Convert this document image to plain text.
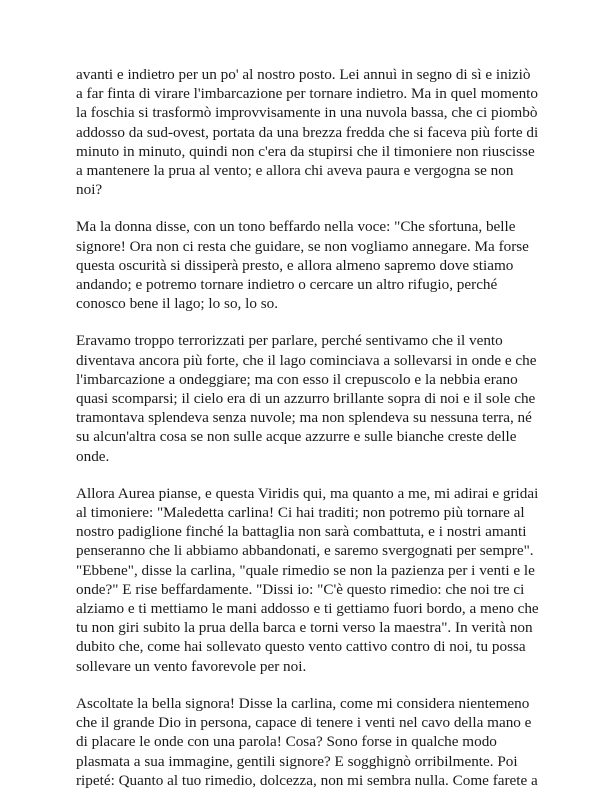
avanti e indietro per un po' al nostro posto. Lei annuì in segno di sì e iniziò
a far finta di virare l'imbarcazione per tornare indietro. Ma in quel momento
la foschia si trasformò improvvisamente in una nuvola bassa, che ci piombò
addosso da sud-ovest, portata da una brezza fredda che si faceva più forte di
minuto in minuto, quindi non c'era da stupirsi che il timoniere non riuscisse
a mantenere la prua al vento; e allora chi aveva paura e vergogna se non
noi?

Ma la donna disse, con un tono beffardo nella voce: "Che sfortuna, belle
signore! Ora non ci resta che guidare, se non vogliamo annegare. Ma forse
questa oscurità si dissiperà presto, e allora almeno sapremo dove stiamo
andando; e potremo tornare indietro o cercare un altro rifugio, perché
conosco bene il lago; lo so, lo so.

Eravamo troppo terrorizzati per parlare, perché sentivamo che il vento
diventava ancora più forte, che il lago cominciava a sollevarsi in onde e che
l'imbarcazione a ondeggiare; ma con esso il crepuscolo e la nebbia erano
quasi scomparsi; il cielo era di un azzurro brillante sopra di noi e il sole che
tramontava splendeva senza nuvole; ma non splendeva su nessuna terra, né
su alcun'altra cosa se non sulle acque azzurre e sulle bianche creste delle
onde.

Allora Aurea pianse, e questa Viridis qui, ma quanto a me, mi adirai e gridai
al timoniere: "Maledetta carlina! Ci hai traditi; non potremo più tornare al
nostro padiglione finché la battaglia non sarà combattuta, e i nostri amanti
penseranno che li abbiamo abbandonati, e saremo svergognati per sempre".
"Ebbene", disse la carlina, "quale rimedio se non la pazienza per i venti e le
onde?" E rise beffardamente. "Dissi io: "C'è questo rimedio: che noi tre ci
alziamo e ti mettiamo le mani addosso e ti gettiamo fuori bordo, a meno che
tu non giri subito la prua della barca e torni verso la maestra". In verità non
dubito che, come hai sollevato questo vento cattivo contro di noi, tu possa
sollevare un vento favorevole per noi.

Ascoltate la bella signora! Disse la carlina, come mi considera nientemeno
che il grande Dio in persona, capace di tenere i venti nel cavo della mano e
di placare le onde con una parola! Cosa? Sono forse in qualche modo
plasmata a sua immagine, gentili signore? E sogghignò orribilmente. Poi
ripeté: Quanto al tuo rimedio, dolcezza, non mi sembra nulla. Come farete a
